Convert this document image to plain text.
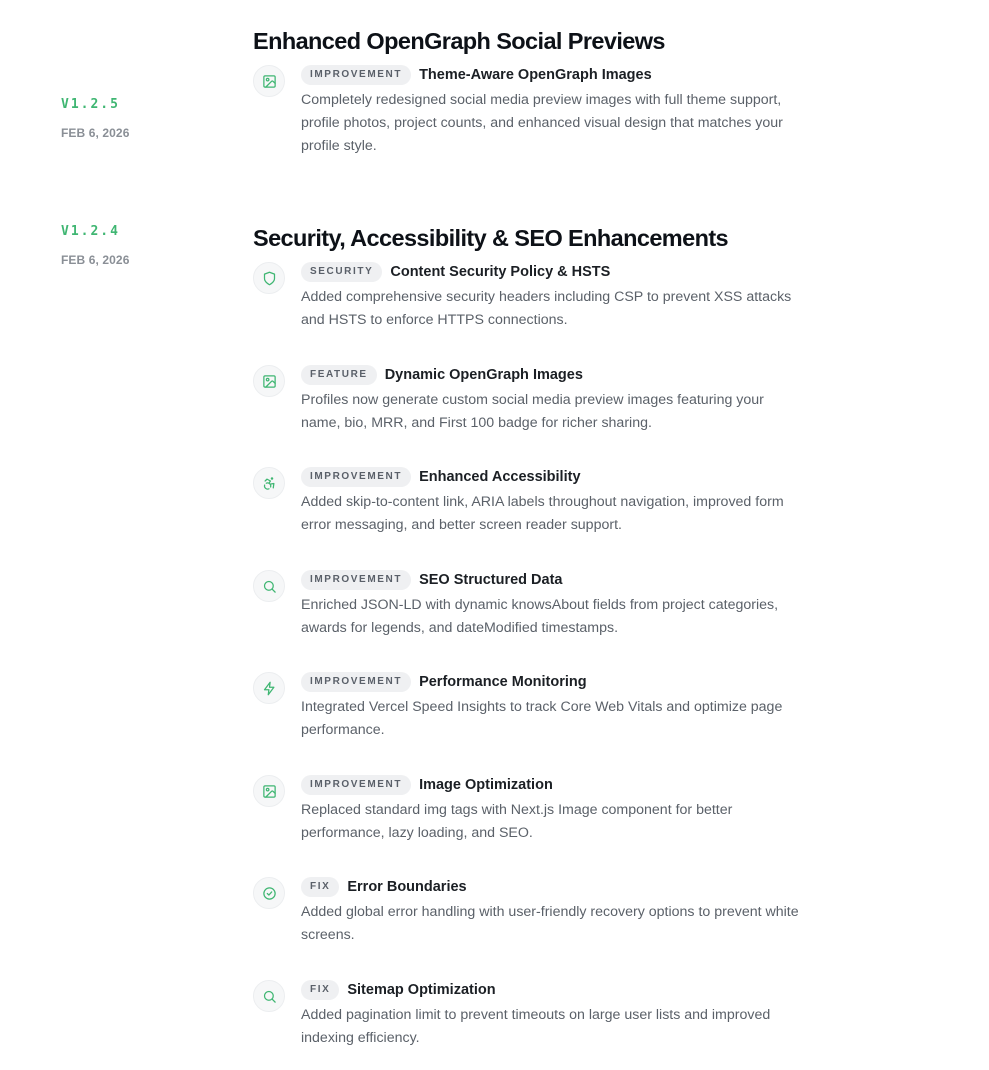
V1.2.5
FEB 6, 2026
Enhanced OpenGraph Social Previews
IMPROVEMENT	Theme-Aware OpenGraph Images

Completely redesigned social media preview images with full theme support, profile photos, project counts, and enhanced visual design that matches your profile style.

V1.2.4
FEB 6, 2026
Security, Accessibility & SEO Enhancements
SECURITY	Content Security Policy & HSTS

Added comprehensive security headers including CSP to prevent XSS attacks and HSTS to enforce HTTPS connections.

FEATURE	Dynamic OpenGraph Images

Profiles now generate custom social media preview images featuring your name, bio, MRR, and First 100 badge for richer sharing.

IMPROVEMENT	Enhanced Accessibility

Added skip-to-content link, ARIA labels throughout navigation, improved form error messaging, and better screen reader support.

IMPROVEMENT	SEO Structured Data

Enriched JSON-LD with dynamic knowsAbout fields from project categories, awards for legends, and dateModified timestamps.

IMPROVEMENT	Performance Monitoring

Integrated Vercel Speed Insights to track Core Web Vitals and optimize page performance.

IMPROVEMENT	Image Optimization

Replaced standard img tags with Next.js Image component for better performance, lazy loading, and SEO.

FIX	Error Boundaries

Added global error handling with user-friendly recovery options to prevent white screens.

FIX	Sitemap Optimization

Added pagination limit to prevent timeouts on large user lists and improved indexing efficiency.
